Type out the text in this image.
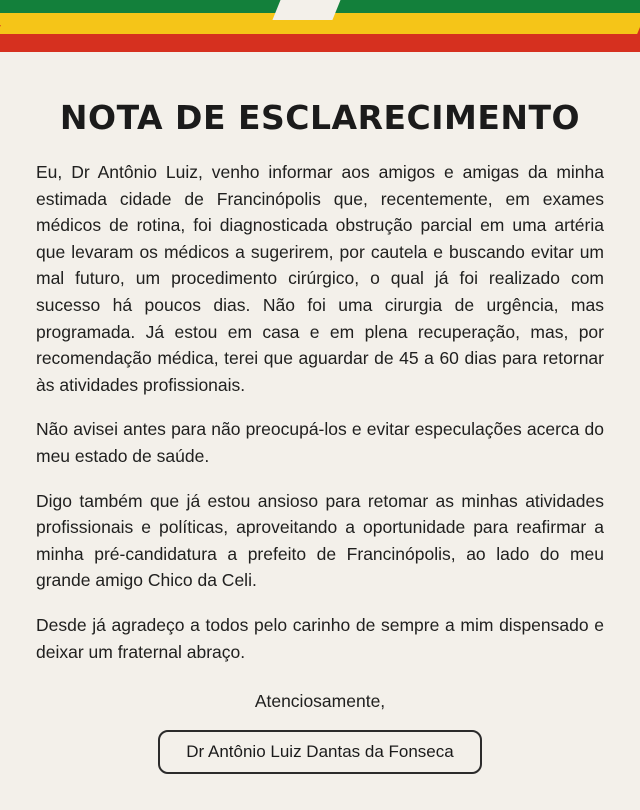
NOTA DE ESCLARECIMENTO

Eu, Dr Antônio Luiz, venho informar aos amigos e amigas da minha estimada cidade de Francinópolis que, recentemente, em exames médicos de rotina, foi diagnosticada obstrução parcial em uma artéria que levaram os médicos a sugerirem, por cautela e buscando evitar um mal futuro, um procedimento cirúrgico, o qual já foi realizado com sucesso há poucos dias. Não foi uma cirurgia de urgência, mas programada. Já estou em casa e em plena recuperação, mas, por recomendação médica, terei que aguardar de 45 a 60 dias para retornar às atividades profissionais.

Não avisei antes para não preocupá-los e evitar especulações acerca do meu estado de saúde.

Digo também que já estou ansioso para retomar as minhas atividades profissionais e políticas, aproveitando a oportunidade para reafirmar a minha pré-candidatura a prefeito de Francinópolis, ao lado do meu grande amigo Chico da Celi.

Desde já agradeço a todos pelo carinho de sempre a mim dispensado e deixar um fraternal abraço.

Atenciosamente,
Dr Antônio Luiz Dantas da Fonseca
